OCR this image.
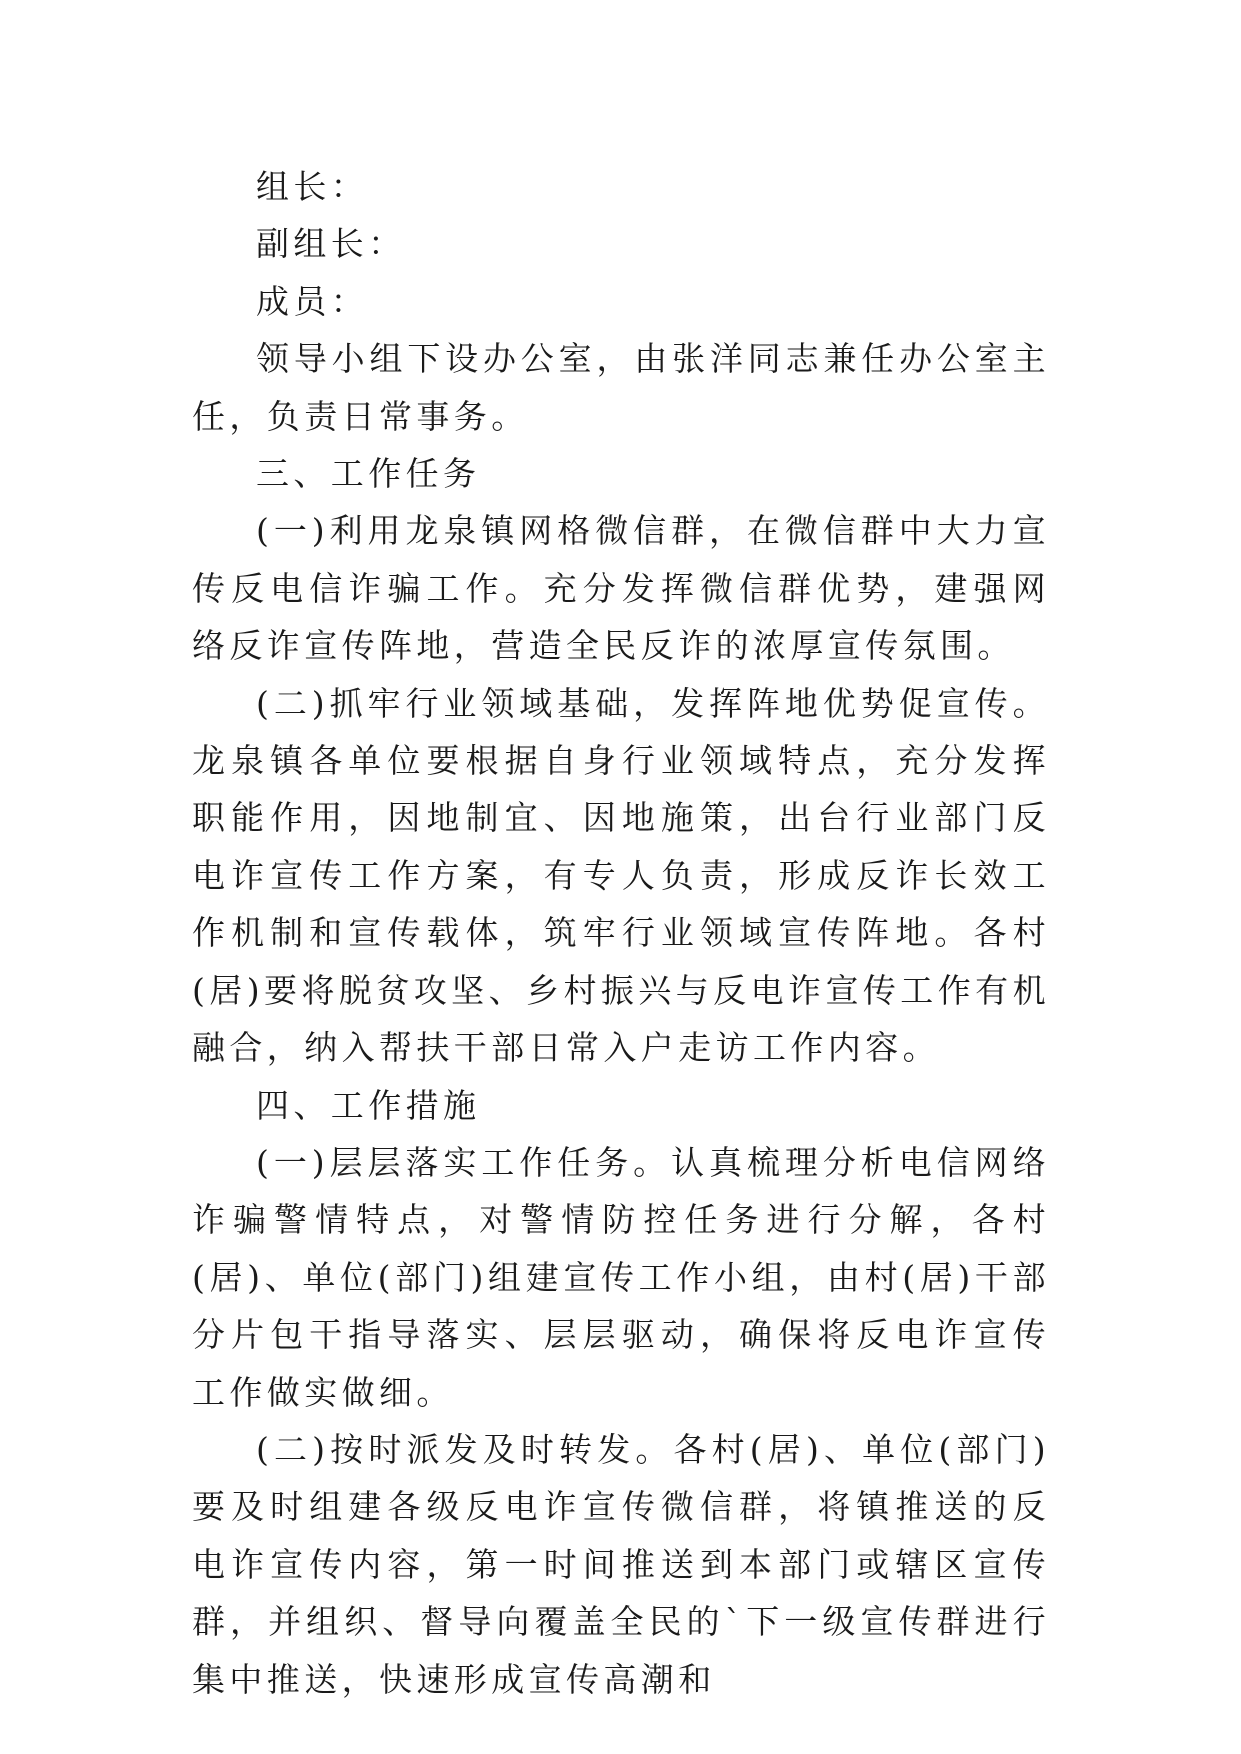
组长：

副组长：

成员：

领导小组下设办公室，由张洋同志兼任办公室主任，负责日常事务。

三、工作任务

(一)利用龙泉镇网格微信群，在微信群中大力宣传反电信诈骗工作。充分发挥微信群优势，建强网络反诈宣传阵地，营造全民反诈的浓厚宣传氛围。

(二)抓牢行业领域基础，发挥阵地优势促宣传。龙泉镇各单位要根据自身行业领域特点，充分发挥职能作用，因地制宜、因地施策，出台行业部门反电诈宣传工作方案，有专人负责，形成反诈长效工作机制和宣传载体，筑牢行业领域宣传阵地。各村(居)要将脱贫攻坚、乡村振兴与反电诈宣传工作有机融合，纳入帮扶干部日常入户走访工作内容。

四、工作措施

(一)层层落实工作任务。认真梳理分析电信网络诈骗警情特点，对警情防控任务进行分解，各村(居)、单位(部门)组建宣传工作小组，由村(居)干部分片包干指导落实、层层驱动，确保将反电诈宣传工作做实做细。

(二)按时派发及时转发。各村(居)、单位(部门)要及时组建各级反电诈宣传微信群，将镇推送的反电诈宣传内容，第一时间推送到本部门或辖区宣传群，并组织、督导向覆盖全民的`下一级宣传群进行集中推送，快速形成宣传高潮和
